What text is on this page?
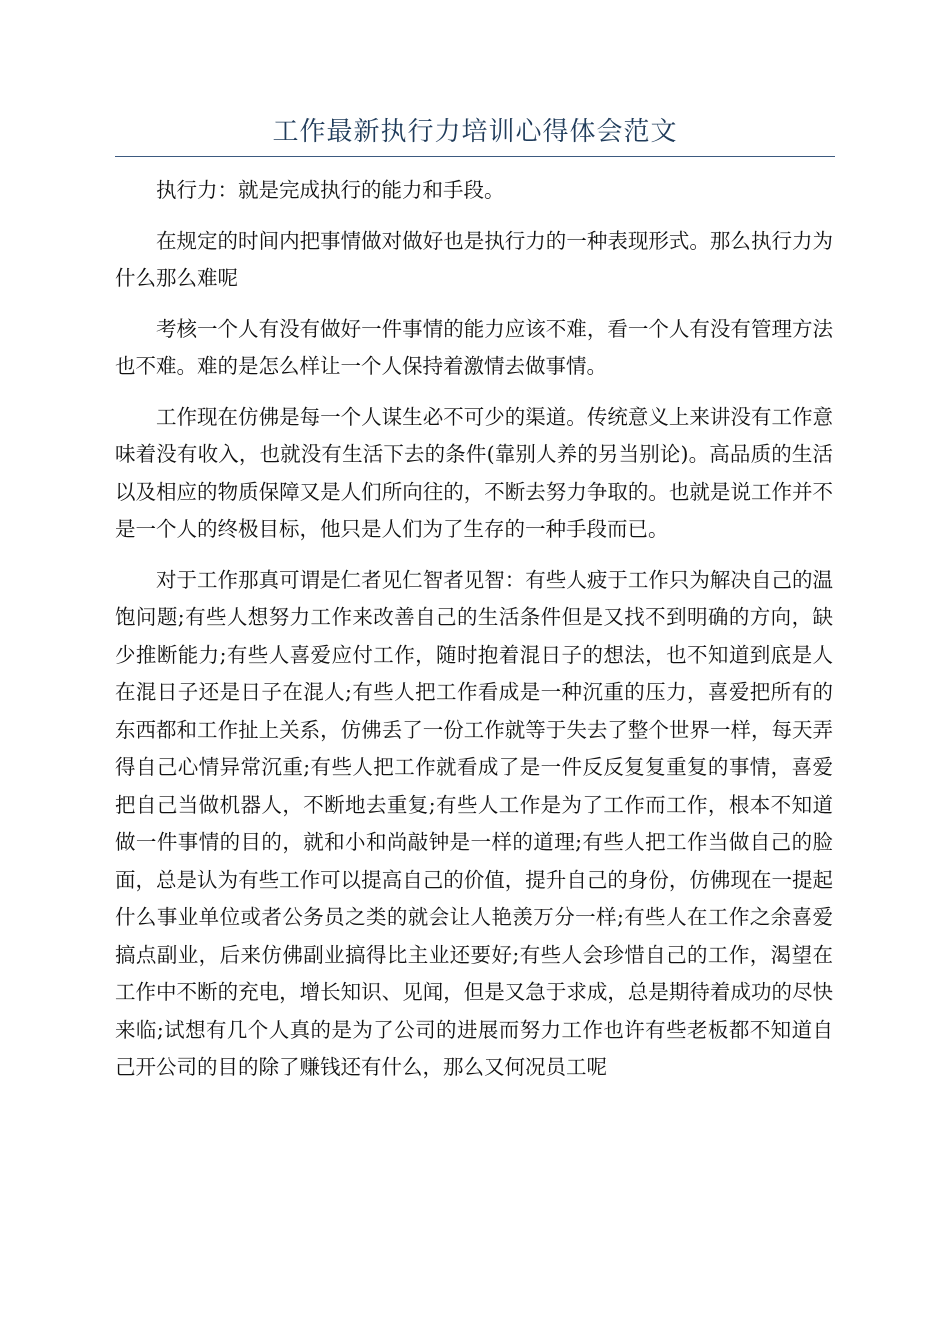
工作最新执行力培训心得体会范文

执行力：就是完成执行的能力和手段。

在规定的时间内把事情做对做好也是执行力的一种表现形式。那么执行力为什么那么难呢

考核一个人有没有做好一件事情的能力应该不难，看一个人有没有管理方法也不难。难的是怎么样让一个人保持着激情去做事情。

工作现在仿佛是每一个人谋生必不可少的渠道。传统意义上来讲没有工作意味着没有收入，也就没有生活下去的条件(靠别人养的另当别论)。高品质的生活以及相应的物质保障又是人们所向往的，不断去努力争取的。也就是说工作并不是一个人的终极目标，他只是人们为了生存的一种手段而已。

对于工作那真可谓是仁者见仁智者见智：有些人疲于工作只为解决自己的温饱问题;有些人想努力工作来改善自己的生活条件但是又找不到明确的方向，缺少推断能力;有些人喜爱应付工作，随时抱着混日子的想法，也不知道到底是人在混日子还是日子在混人;有些人把工作看成是一种沉重的压力，喜爱把所有的东西都和工作扯上关系，仿佛丢了一份工作就等于失去了整个世界一样，每天弄得自己心情异常沉重;有些人把工作就看成了是一件反反复复重复的事情，喜爱把自己当做机器人，不断地去重复;有些人工作是为了工作而工作，根本不知道做一件事情的目的，就和小和尚敲钟是一样的道理;有些人把工作当做自己的脸面，总是认为有些工作可以提高自己的价值，提升自己的身份，仿佛现在一提起什么事业单位或者公务员之类的就会让人艳羡万分一样;有些人在工作之余喜爱搞点副业，后来仿佛副业搞得比主业还要好;有些人会珍惜自己的工作，渴望在工作中不断的充电，增长知识、见闻，但是又急于求成，总是期待着成功的尽快来临;试想有几个人真的是为了公司的进展而努力工作也许有些老板都不知道自己开公司的目的除了赚钱还有什么，那么又何况员工呢
